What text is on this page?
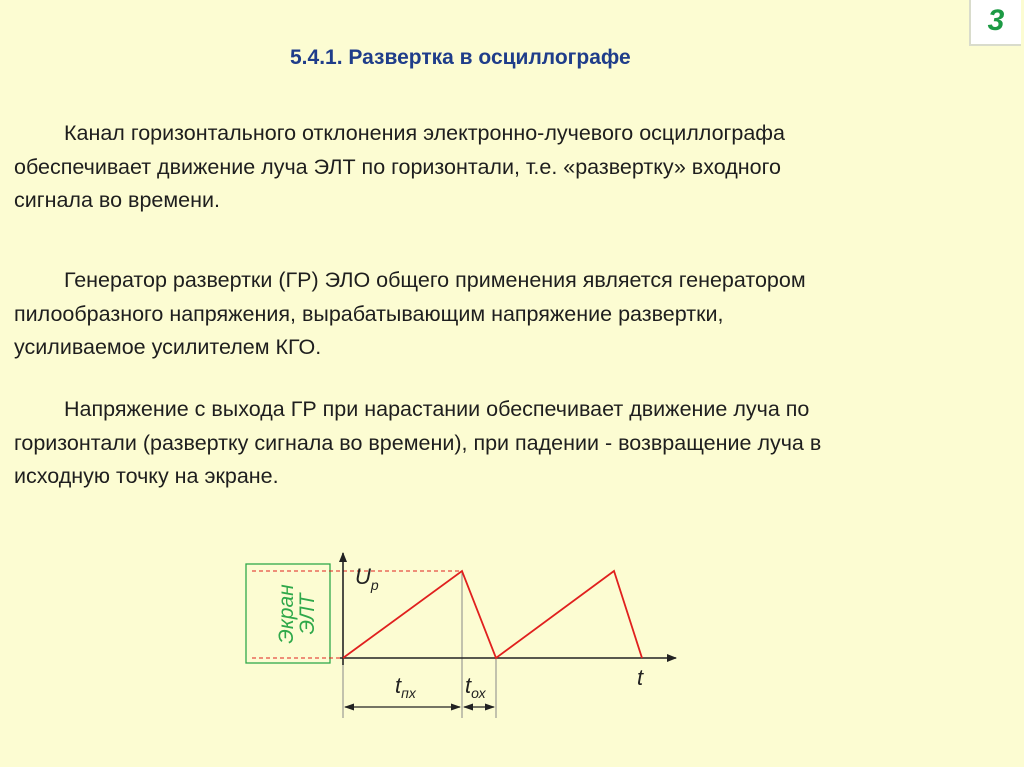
3
5.4.1. Развертка в осциллографе
Канал горизонтального отклонения электронно-лучевого осциллографа
обеспечивает движение луча ЭЛТ по горизонтали, т.е. «развертку» входного
сигнала во времени.
Генератор развертки (ГР) ЭЛО общего применения является генератором
пилообразного напряжения, вырабатывающим напряжение развертки,
усиливаемое усилителем КГО.
Напряжение с выхода ГР при нарастании обеспечивает движение луча по
горизонтали (развертку сигнала во времени), при падении - возвращение луча в
исходную точку на экране.
Экран
ЭЛТ
$U_р$
t
$t_{пх}$ $t_{ох}$
